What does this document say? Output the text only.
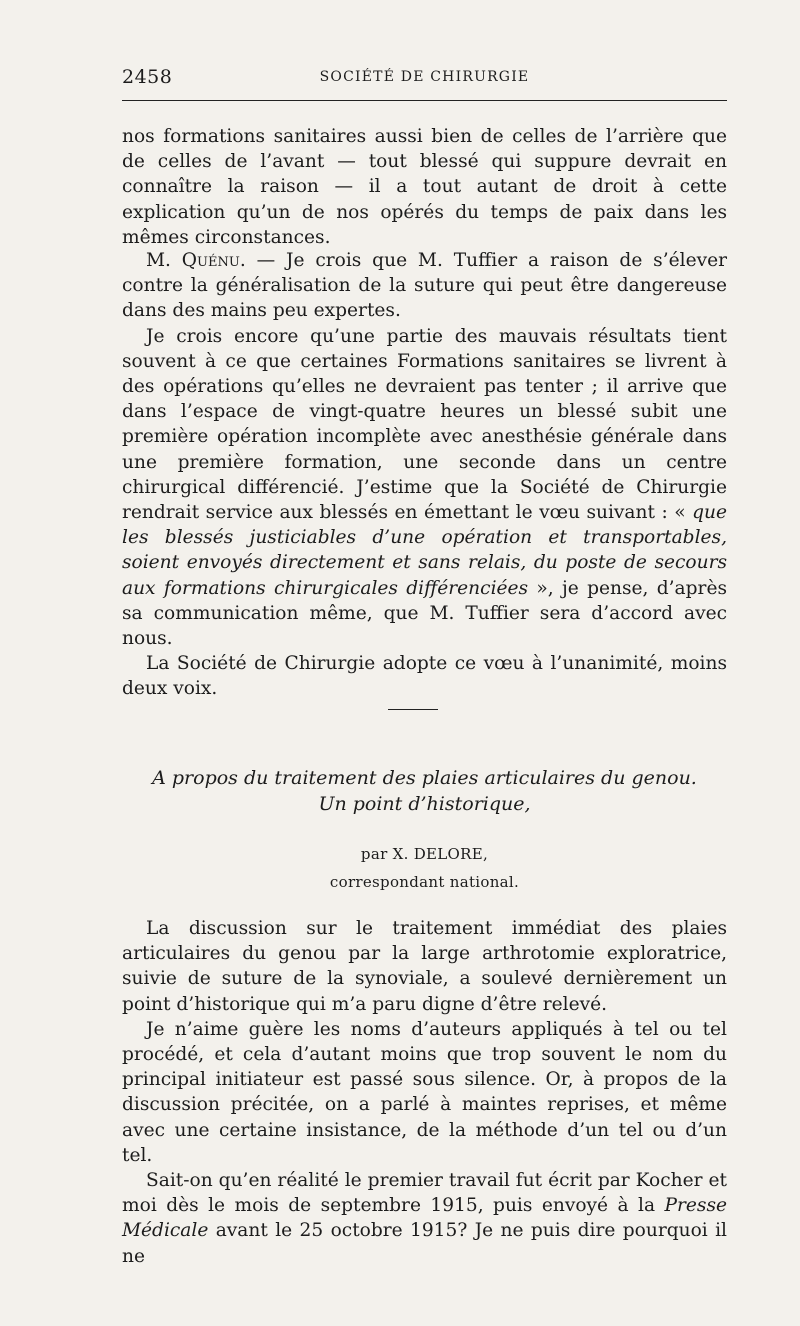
2458	SOCIÉTÉ DE CHIRURGIE

nos formations sanitaires aussi bien de celles de l’arrière que de celles de l’avant — tout blessé qui suppure devrait en connaître la raison — il a tout autant de droit à cette explication qu’un de nos opérés du temps de paix dans les mêmes circonstances.

M. Quénu. — Je crois que M. Tuffier a raison de s’élever contre la généralisation de la suture qui peut être dangereuse dans des mains peu expertes.

Je crois encore qu’une partie des mauvais résultats tient souvent à ce que certaines Formations sanitaires se livrent à des opérations qu’elles ne devraient pas tenter ; il arrive que dans l’espace de vingt-quatre heures un blessé subit une première opération incomplète avec anesthésie générale dans une première formation, une seconde dans un centre chirurgical différencié. J’estime que la Société de Chirurgie rendrait service aux blessés en émettant le vœu suivant : « que les blessés justiciables d’une opération et transportables, soient envoyés directement et sans relais, du poste de secours aux formations chirurgicales différenciées », je pense, d’après sa communication même, que M. Tuffier sera d’accord avec nous.

La Société de Chirurgie adopte ce vœu à l’unanimité, moins deux voix.

A propos du traitement des plaies articulaires du genou.
Un point d’historique,
par X. DELORE,
correspondant national.

La discussion sur le traitement immédiat des plaies articulaires du genou par la large arthrotomie exploratrice, suivie de suture de la synoviale, a soulevé dernièrement un point d’historique qui m’a paru digne d’être relevé.

Je n’aime guère les noms d’auteurs appliqués à tel ou tel procédé, et cela d’autant moins que trop souvent le nom du principal initiateur est passé sous silence. Or, à propos de la discussion précitée, on a parlé à maintes reprises, et même avec une certaine insistance, de la méthode d’un tel ou d’un tel.

Sait-on qu’en réalité le premier travail fut écrit par Kocher et moi dès le mois de septembre 1915, puis envoyé à la Presse Médicale avant le 25 octobre 1915? Je ne puis dire pourquoi il ne
